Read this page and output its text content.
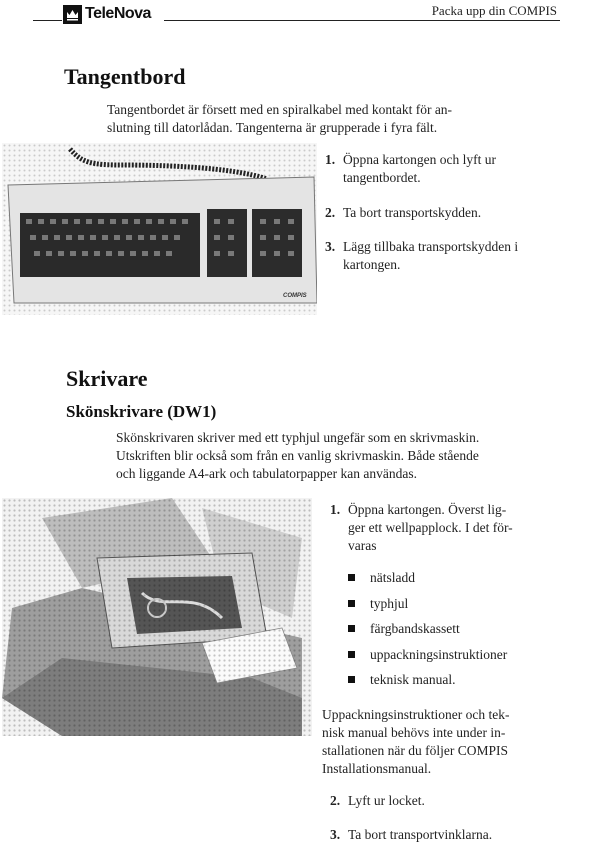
TeleNova	Packa upp din COMPIS
Tangentbord
Tangentbordet är försett med en spiralkabel med kontakt för an-
slutning till datorlådan. Tangenterna är grupperade i fyra fält.
COMPIS
1. Öppna kartongen och lyft ur
tangentbordet.
2. Ta bort transportskydden.
3. Lägg tillbaka transportskydden i
kartongen.
Skrivare
Skönskrivare (DW1)
Skönskrivaren skriver med ett typhjul ungefär som en skrivmaskin.
Utskriften blir också som från en vanlig skrivmaskin. Både stående
och liggande A4-ark och tabulatorpapper kan användas.
1. Öppna kartongen. Överst lig-
ger ett wellpapplock. I det för-
varas
nätsladd
typhjul
färgbandskassett
uppackningsinstruktioner
teknisk manual.
Uppackningsinstruktioner och tek-
nisk manual behövs inte under in-
stallationen när du följer COMPIS
Installationsmanual.
2. Lyft ur locket.
3. Ta bort transportvinklarna.
